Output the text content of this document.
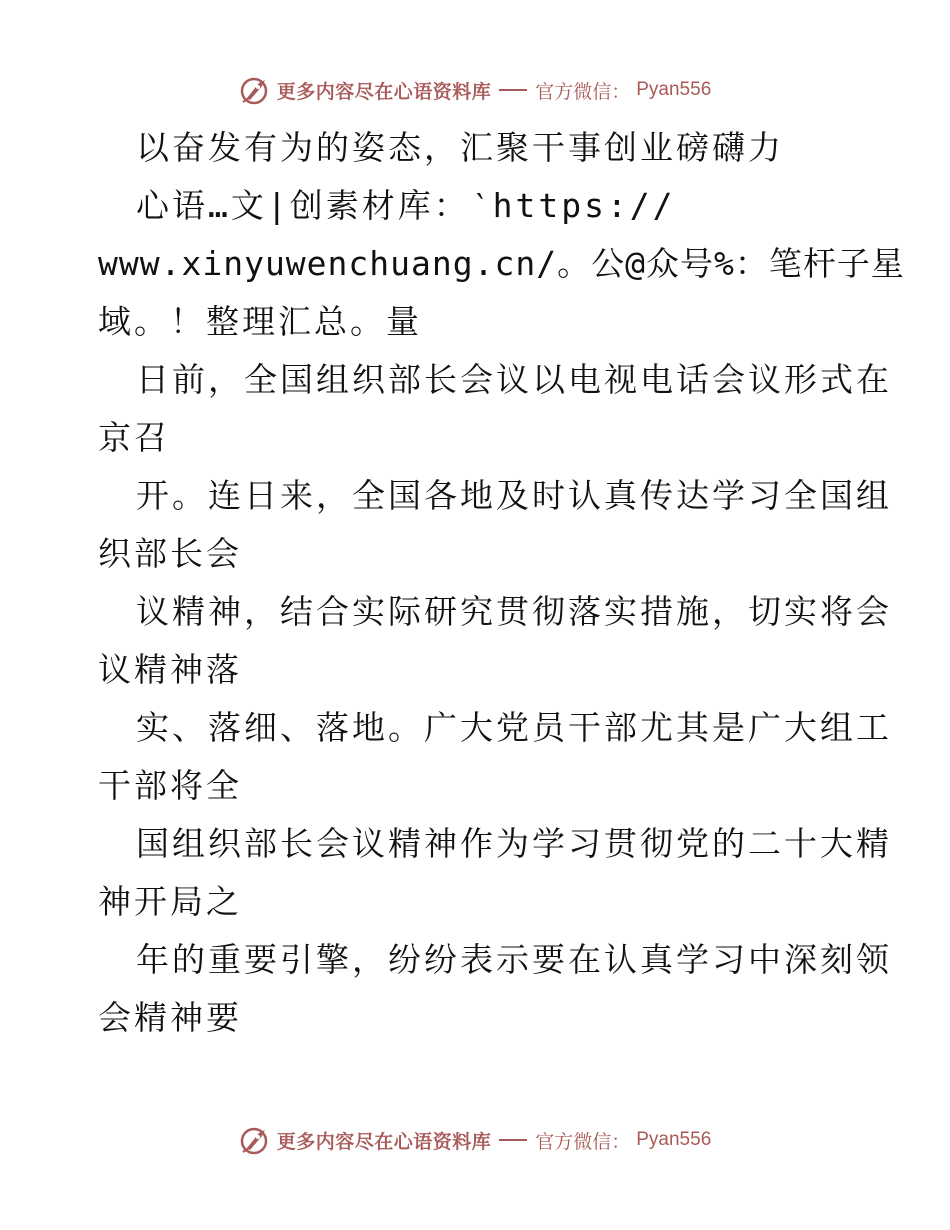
更多内容尽在心语资料库 官方微信： Pyan556
以奋发有为的姿态，汇聚干事创业磅礴力
心语…文|创素材库：‵https://
www.xinyuwenchuang.cn/。公@众号%：笔杆子星
域。！整理汇总。量
日前，全国组织部长会议以电视电话会议形式在
京召
开。连日来，全国各地及时认真传达学习全国组
织部长会
议精神，结合实际研究贯彻落实措施，切实将会
议精神落
实、落细、落地。广大党员干部尤其是广大组工
干部将全
国组织部长会议精神作为学习贯彻党的二十大精
神开局之
年的重要引擎，纷纷表示要在认真学习中深刻领
会精神要
更多内容尽在心语资料库 官方微信： Pyan556
